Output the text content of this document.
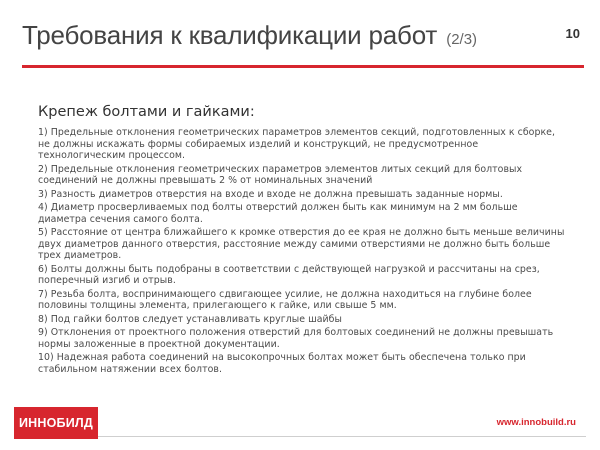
Требования к квалификации работ (2/3)	10
Крепеж болтами и гайками:
1) Предельные отклонения геометрических параметров элементов секций, подготовленных к сборке, не должны искажать формы собираемых изделий и конструкций, не предусмотренное технологическим процессом.
2) Предельные отклонения геометрических параметров элементов литых секций для болтовых соединений не должны превышать 2 % от номинальных значений
3) Разность диаметров отверстия на входе и входе не должна превышать заданные нормы.
4) Диаметр просверливаемых под болты отверстий должен быть как минимум на 2 мм больше диаметра сечения самого болта.
5) Расстояние от центра ближайшего к кромке отверстия до ее края не должно быть меньше величины двух диаметров данного отверстия, расстояние между самими отверстиями не должно быть больше трех диаметров.
6) Болты должны быть подобраны в соответствии с действующей нагрузкой и рассчитаны на срез, поперечный изгиб и отрыв.
7) Резьба болта, воспринимающего сдвигающее усилие, не должна находиться на глубине более половины толщины элемента, прилегающего к гайке, или свыше 5 мм.
8) Под гайки болтов следует устанавливать круглые шайбы
9) Отклонения от проектного положения отверстий для болтовых соединений не должны превышать нормы заложенные в проектной документации.
10) Надежная работа соединений на высокопрочных болтах может быть обеспечена только при стабильном натяжении всех болтов.
ИННОБИЛД	www.innobuild.ru
